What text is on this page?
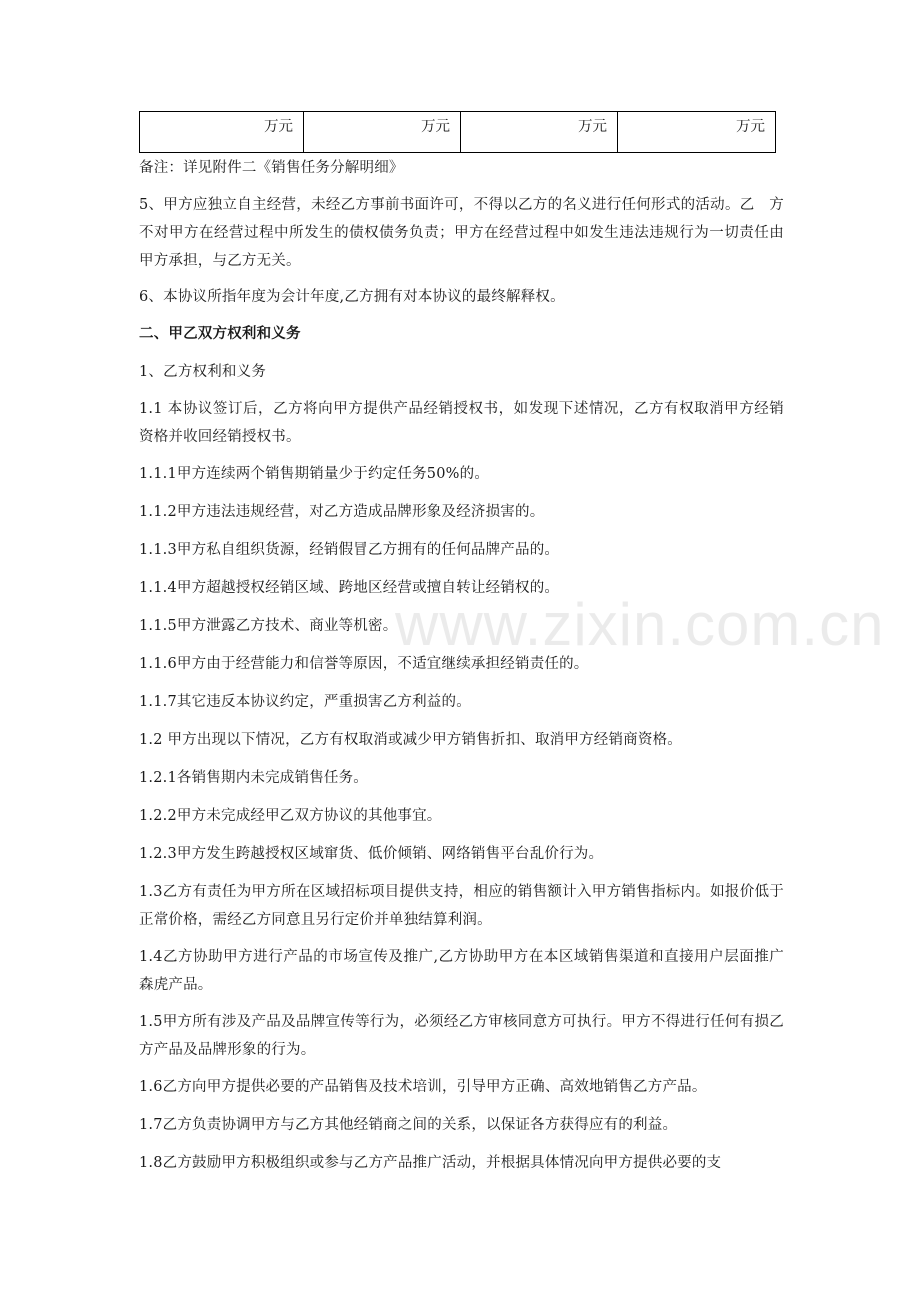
万元	万元	万元	万元

备注：详见附件二《销售任务分解明细》

5、甲方应独立自主经营，未经乙方事前书面许可，不得以乙方的名义进行任何形式的活动。乙　方不对甲方在经营过程中所发生的债权债务负责；甲方在经营过程中如发生违法违规行为一切责任由甲方承担，与乙方无关。

6、本协议所指年度为会计年度,乙方拥有对本协议的最终解释权。

二、甲乙双方权利和义务

1、乙方权利和义务

1.1 本协议签订后，乙方将向甲方提供产品经销授权书，如发现下述情况，乙方有权取消甲方经销资格并收回经销授权书。

1.1.1甲方连续两个销售期销量少于约定任务50%的。

1.1.2甲方违法违规经营，对乙方造成品牌形象及经济损害的。

1.1.3甲方私自组织货源，经销假冒乙方拥有的任何品牌产品的。

1.1.4甲方超越授权经销区域、跨地区经营或擅自转让经销权的。

1.1.5甲方泄露乙方技术、商业等机密。

1.1.6甲方由于经营能力和信誉等原因，不适宜继续承担经销责任的。

1.1.7其它违反本协议约定，严重损害乙方利益的。

1.2 甲方出现以下情况，乙方有权取消或减少甲方销售折扣、取消甲方经销商资格。

1.2.1各销售期内未完成销售任务。

1.2.2甲方未完成经甲乙双方协议的其他事宜。

1.2.3甲方发生跨越授权区域窜货、低价倾销、网络销售平台乱价行为。

1.3乙方有责任为甲方所在区域招标项目提供支持，相应的销售额计入甲方销售指标内。如报价低于正常价格，需经乙方同意且另行定价并单独结算利润。

1.4乙方协助甲方进行产品的市场宣传及推广,乙方协助甲方在本区域销售渠道和直接用户层面推广森虎产品。

1.5甲方所有涉及产品及品牌宣传等行为，必须经乙方审核同意方可执行。甲方不得进行任何有损乙方产品及品牌形象的行为。

1.6乙方向甲方提供必要的产品销售及技术培训，引导甲方正确、高效地销售乙方产品。

1.7乙方负责协调甲方与乙方其他经销商之间的关系，以保证各方获得应有的利益。

1.8乙方鼓励甲方积极组织或参与乙方产品推广活动，并根据具体情况向甲方提供必要的支

www.zixin.com.cn
